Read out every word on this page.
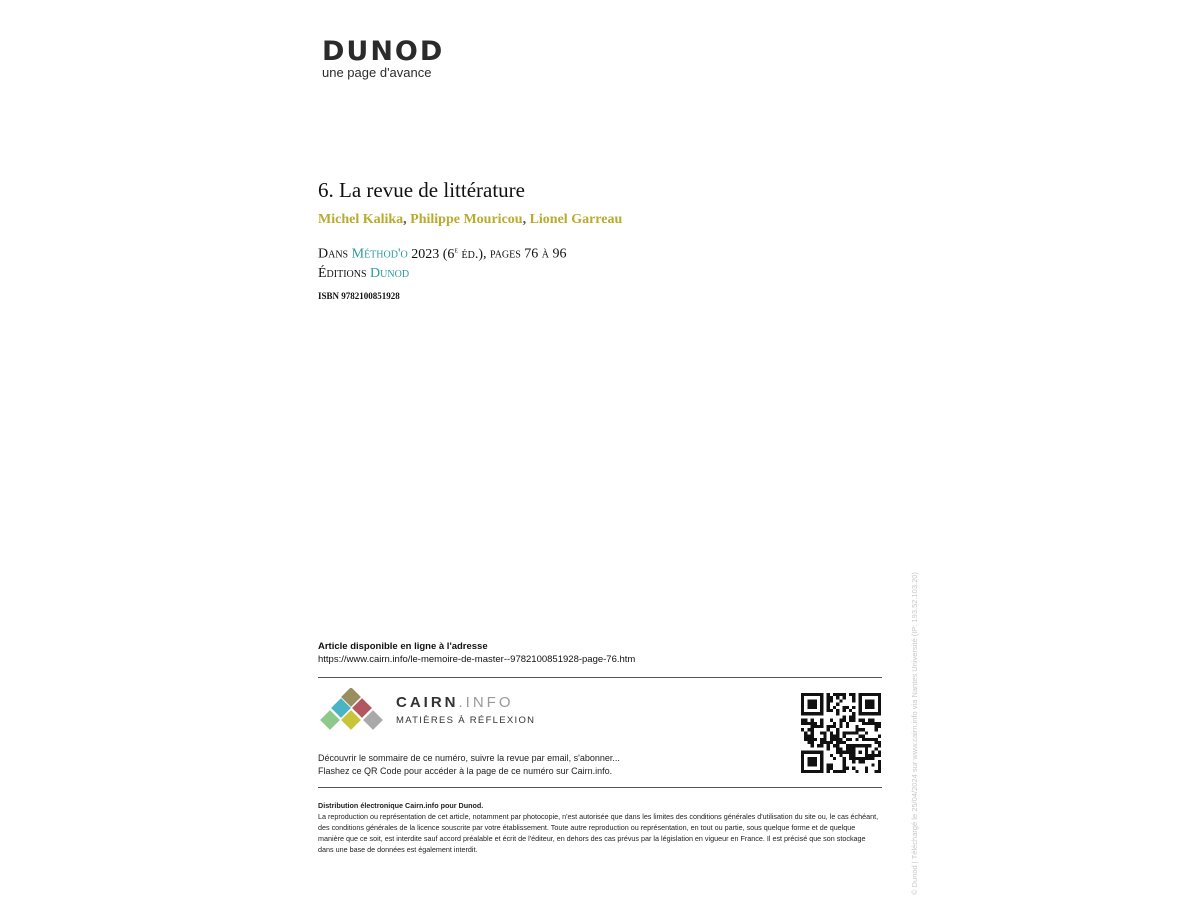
DUNOD
une page d'avance
6. La revue de littérature
Michel Kalika, Philippe Mouricou, Lionel Garreau
Dans Méthod'o 2023 (6e éd.), pages 76 à 96
Éditions Dunod
ISBN 9782100851928
Article disponible en ligne à l'adresse
https://www.cairn.info/le-memoire-de-master--9782100851928-page-76.htm
CAIRN.INFO
MATIÈRES À RÉFLEXION
Découvrir le sommaire de ce numéro, suivre la revue par email, s'abonner...
Flashez ce QR Code pour accéder à la page de ce numéro sur Cairn.info.
Distribution électronique Cairn.info pour Dunod.
La reproduction ou représentation de cet article, notamment par photocopie, n'est autorisée que dans les limites des conditions générales d'utilisation du site ou, le cas échéant, des conditions générales de la licence souscrite par votre établissement. Toute autre reproduction ou représentation, en tout ou partie, sous quelque forme et de quelque manière que ce soit, est interdite sauf accord préalable et écrit de l'éditeur, en dehors des cas prévus par la législation en vigueur en France. Il est précisé que son stockage dans une base de données est également interdit.	© Dunod | Téléchargé le 25/04/2024 sur www.cairn.info via Nantes Université (IP: 193.52.103.20)
